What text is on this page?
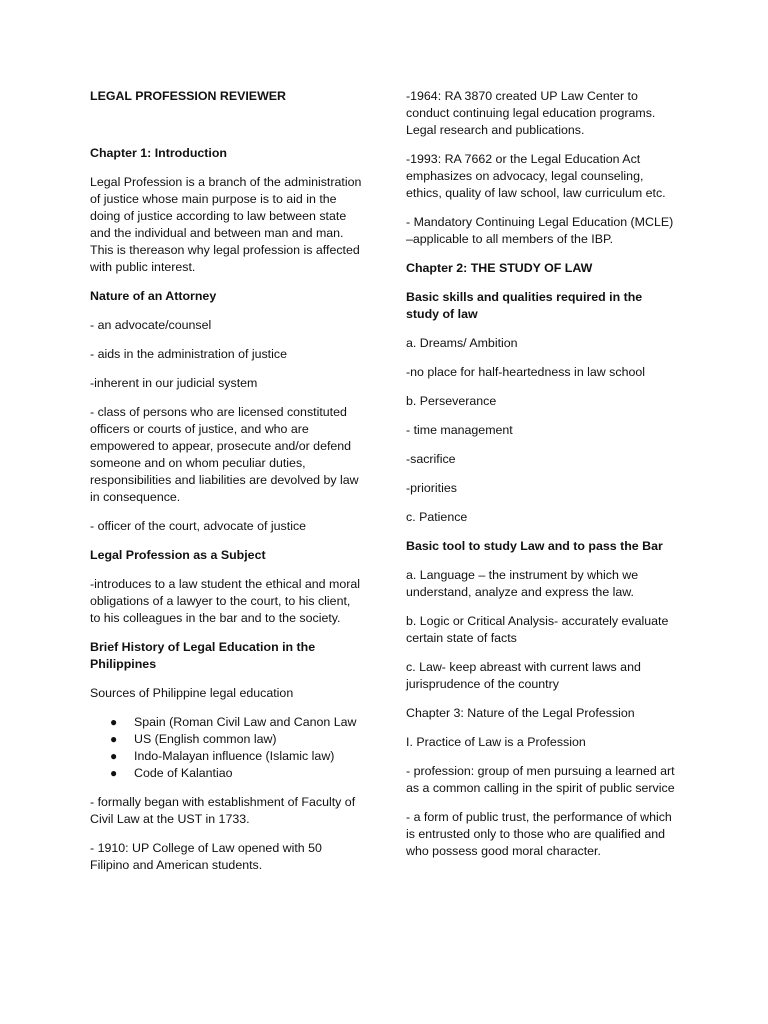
LEGAL PROFESSION REVIEWER

Chapter 1: Introduction

Legal Profession is a branch of the administration of justice whose main purpose is to aid in the doing of justice according to law between state and the individual and between man and man. This is thereason why legal profession is affected with public interest.

Nature of an Attorney

- an advocate/counsel

- aids in the administration of justice

-inherent in our judicial system

- class of persons who are licensed constituted officers or courts of justice, and who are empowered to appear, prosecute and/or defend someone and on whom peculiar duties, responsibilities and liabilities are devolved by law in consequence.

- officer of the court, advocate of justice

Legal Profession as a Subject

-introduces to a law student the ethical and moral obligations of a lawyer to the court, to his client, to his colleagues in the bar and to the society.

Brief History of Legal Education in the Philippines

Sources of Philippine legal education

● Spain (Roman Civil Law and Canon Law
● US (English common law)
● Indo-Malayan influence (Islamic law)
● Code of Kalantiao

- formally began with establishment of Faculty of Civil Law at the UST in 1733.

- 1910: UP College of Law opened with 50 Filipino and American students.

-1964: RA 3870 created UP Law Center to conduct continuing legal education programs. Legal research and publications.

-1993: RA 7662 or the Legal Education Act emphasizes on advocacy, legal counseling, ethics, quality of law school, law curriculum etc.

- Mandatory Continuing Legal Education (MCLE) –applicable to all members of the IBP.

Chapter 2: THE STUDY OF LAW

Basic skills and qualities required in the study of law

a. Dreams/ Ambition

-no place for half-heartedness in law school

b. Perseverance

- time management

-sacrifice

-priorities

c. Patience

Basic tool to study Law and to pass the Bar

a. Language – the instrument by which we understand, analyze and express the law.

b. Logic or Critical Analysis- accurately evaluate certain state of facts

c. Law- keep abreast with current laws and jurisprudence of the country

Chapter 3: Nature of the Legal Profession

I. Practice of Law is a Profession

- profession: group of men pursuing a learned art as a common calling in the spirit of public service

- a form of public trust, the performance of which is entrusted only to those who are qualified and who possess good moral character.
